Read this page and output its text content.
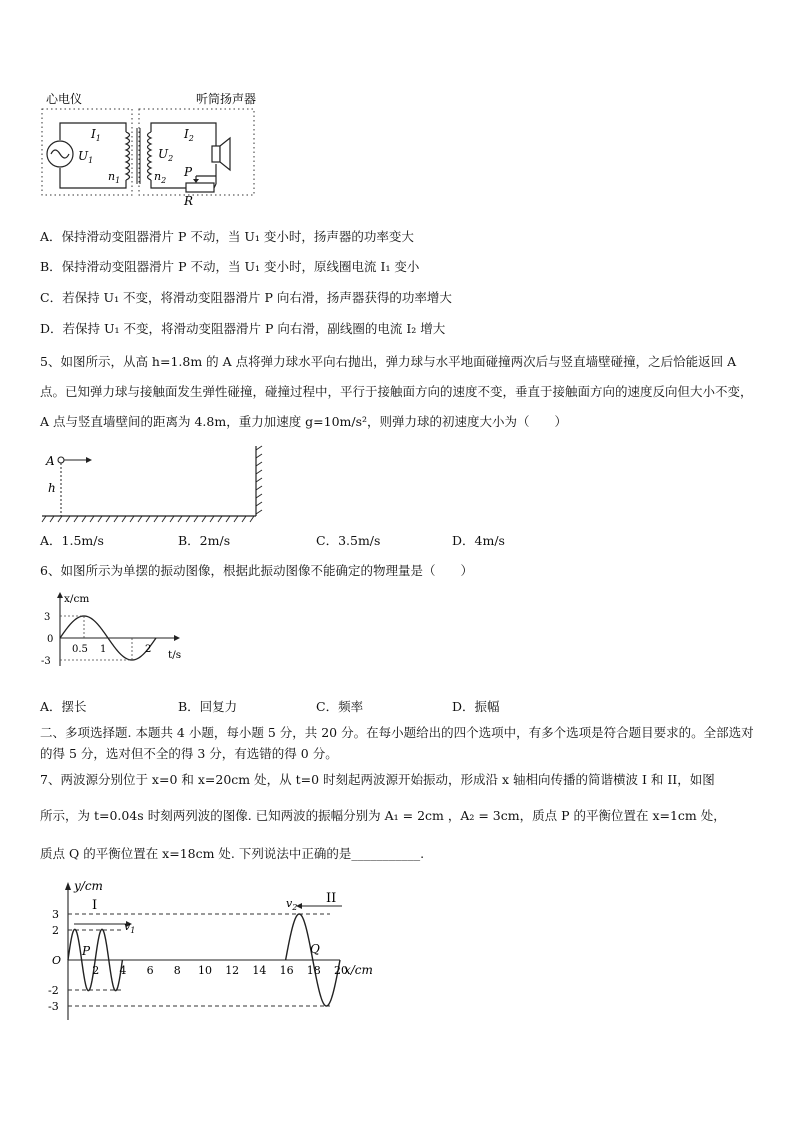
心电仪	听筒扬声器
$I_1$
$U_1$
$n_1$
$I_2$
$U_2$
$n_2$
P
R
A．保持滑动变阻器滑片 P 不动，当 U₁ 变小时，扬声器的功率变大
B．保持滑动变阻器滑片 P 不动，当 U₁ 变小时，原线圈电流 I₁ 变小
C．若保持 U₁ 不变，将滑动变阻器滑片 P 向右滑，扬声器获得的功率增大
D．若保持 U₁ 不变，将滑动变阻器滑片 P 向右滑，副线圈的电流 I₂ 增大
5、如图所示，从高 h=1.8m 的 A 点将弹力球水平向右抛出，弹力球与水平地面碰撞两次后与竖直墙壁碰撞，之后恰能返回 A 点。已知弹力球与接触面发生弹性碰撞，碰撞过程中，平行于接触面方向的速度不变，垂直于接触面方向的速度反向但大小不变，A 点与竖直墙壁间的距离为 4.8m，重力加速度 g=10m/s²，则弹力球的初速度大小为（　　）
A
h
A．1.5m/s	B．2m/s	C．3.5m/s	D．4m/s
6、如图所示为单摆的振动图像，根据此振动图像不能确定的物理量是（　　）
x/cm
t/s
3
0
-3
0.5 1	2
A．摆长	B．回复力	C．频率	D．振幅
二、多项选择题. 本题共 4 小题，每小题 5 分，共 20 分。在每小题给出的四个选项中，有多个选项是符合题目要求的。全部选对的得 5 分，选对但不全的得 3 分，有选错的得 0 分。
7、两波源分别位于 x=0 和 x=20cm 处，从 t=0 时刻起两波源开始振动，形成沿 x 轴相向传播的简谐横波 I 和 II，如图
所示，为 t=0.04s 时刻两列波的图像. 已知两波的振幅分别为 A₁ = 2cm ，A₂ = 3cm，质点 P 的平衡位置在 x=1cm 处，
质点 Q 的平衡位置在 x=18cm 处. 下列说法中正确的是___________.
y/cm
x/cm
I	II
$v_1$
$v_2$
P	Q
3
2
O
-2
-3
2 4 6 8 10 12 14 16 18 20
